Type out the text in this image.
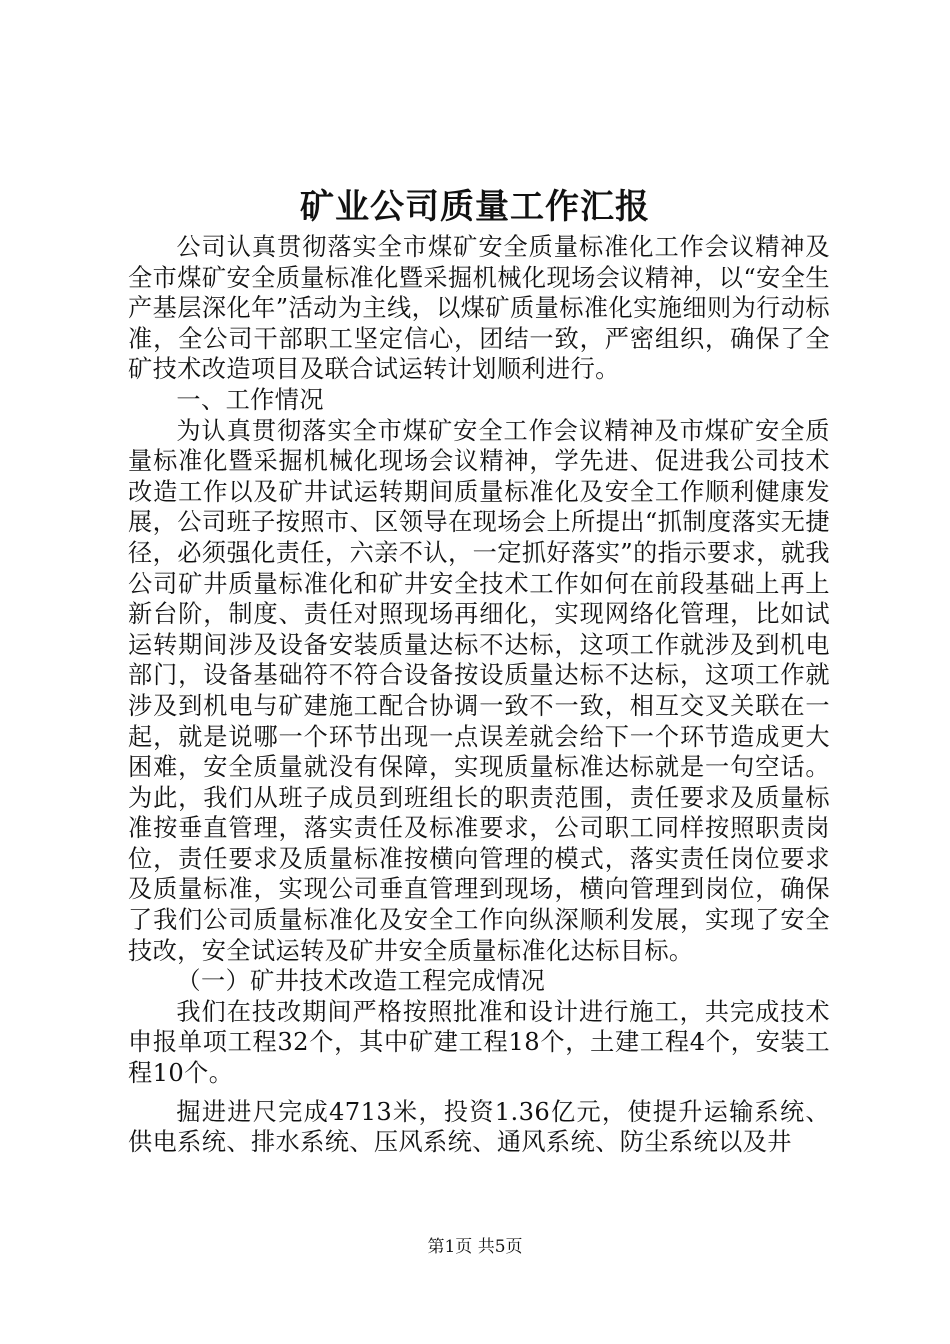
矿业公司质量工作汇报

公司认真贯彻落实全市煤矿安全质量标准化工作会议精神及全市煤矿安全质量标准化暨采掘机械化现场会议精神，以“安全生产基层深化年”活动为主线，以煤矿质量标准化实施细则为行动标准，全公司干部职工坚定信心，团结一致，严密组织，确保了全矿技术改造项目及联合试运转计划顺利进行。

一、工作情况

为认真贯彻落实全市煤矿安全工作会议精神及市煤矿安全质量标准化暨采掘机械化现场会议精神，学先进、促进我公司技术改造工作以及矿井试运转期间质量标准化及安全工作顺利健康发展，公司班子按照市、区领导在现场会上所提出“抓制度落实无捷径，必须强化责任，六亲不认，一定抓好落实”的指示要求，就我公司矿井质量标准化和矿井安全技术工作如何在前段基础上再上新台阶，制度、责任对照现场再细化，实现网络化管理，比如试运转期间涉及设备安装质量达标不达标，这项工作就涉及到机电部门，设备基础符不符合设备按设质量达标不达标，这项工作就涉及到机电与矿建施工配合协调一致不一致，相互交叉关联在一起，就是说哪一个环节出现一点误差就会给下一个环节造成更大困难，安全质量就没有保障，实现质量标准达标就是一句空话。为此，我们从班子成员到班组长的职责范围，责任要求及质量标准按垂直管理，落实责任及标准要求，公司职工同样按照职责岗位，责任要求及质量标准按横向管理的模式，落实责任岗位要求及质量标准，实现公司垂直管理到现场，横向管理到岗位，确保了我们公司质量标准化及安全工作向纵深顺利发展，实现了安全技改，安全试运转及矿井安全质量标准化达标目标。

（一）矿井技术改造工程完成情况

我们在技改期间严格按照批准和设计进行施工，共完成技术申报单项工程32个，其中矿建工程18个，土建工程4个，安装工程10个。

掘进进尺完成4713米，投资1.36亿元，使提升运输系统、供电系统、排水系统、压风系统、通风系统、防尘系统以及井

第1页 共5页
